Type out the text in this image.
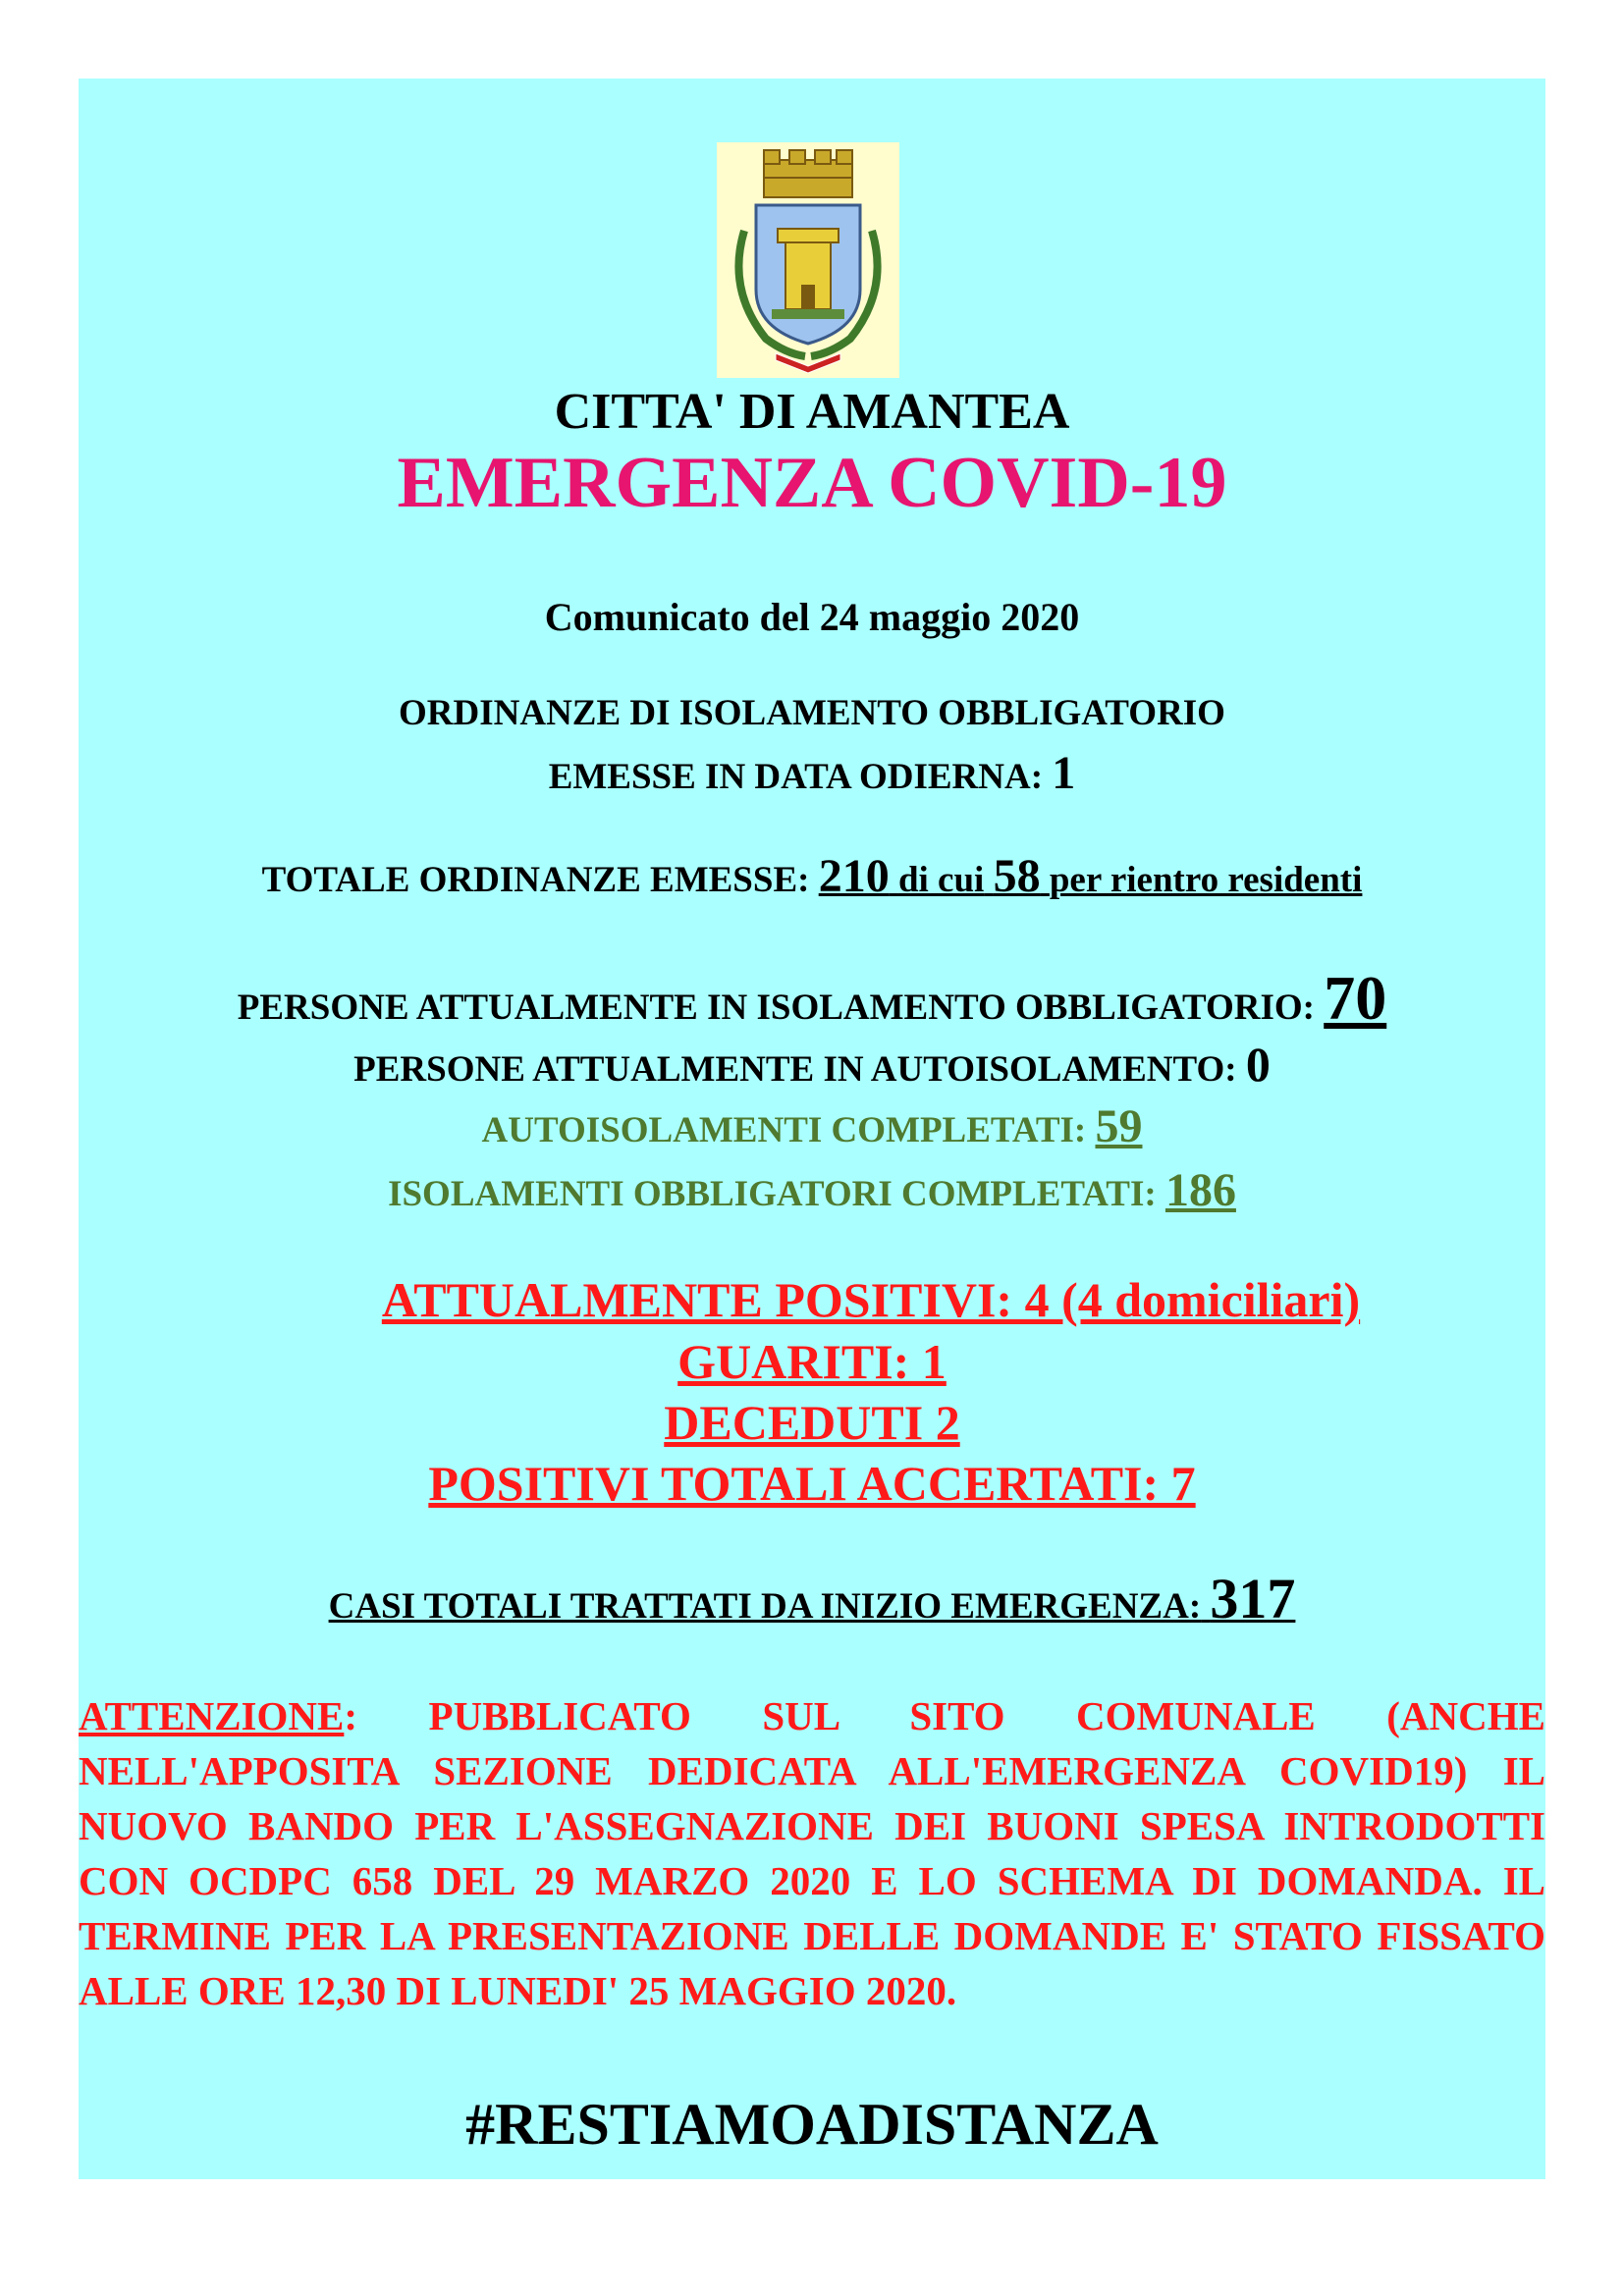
CITTA' DI AMANTEA
EMERGENZA COVID-19
Comunicato del 24 maggio 2020
ORDINANZE DI ISOLAMENTO OBBLIGATORIO
EMESSE IN DATA ODIERNA: 1
TOTALE ORDINANZE EMESSE: 210 di cui 58 per rientro residenti
PERSONE ATTUALMENTE IN ISOLAMENTO OBBLIGATORIO: 70
PERSONE ATTUALMENTE IN AUTOISOLAMENTO: 0
AUTOISOLAMENTI COMPLETATI: 59
ISOLAMENTI OBBLIGATORI COMPLETATI: 186
ATTUALMENTE POSITIVI: 4 (4 domiciliari)
GUARITI: 1
DECEDUTI 2
POSITIVI TOTALI ACCERTATI: 7
CASI TOTALI TRATTATI DA INIZIO EMERGENZA: 317
ATTENZIONE: PUBBLICATO SUL SITO COMUNALE (ANCHE NELL'APPOSITA SEZIONE DEDICATA ALL'EMERGENZA COVID19) IL NUOVO BANDO PER L'ASSEGNAZIONE DEI BUONI SPESA INTRODOTTI CON OCDPC 658 DEL 29 MARZO 2020 E LO SCHEMA DI DOMANDA. IL TERMINE PER LA PRESENTAZIONE DELLE DOMANDE E' STATO FISSATO ALLE ORE 12,30 DI LUNEDI' 25 MAGGIO 2020.
#RESTIAMOADISTANZA
